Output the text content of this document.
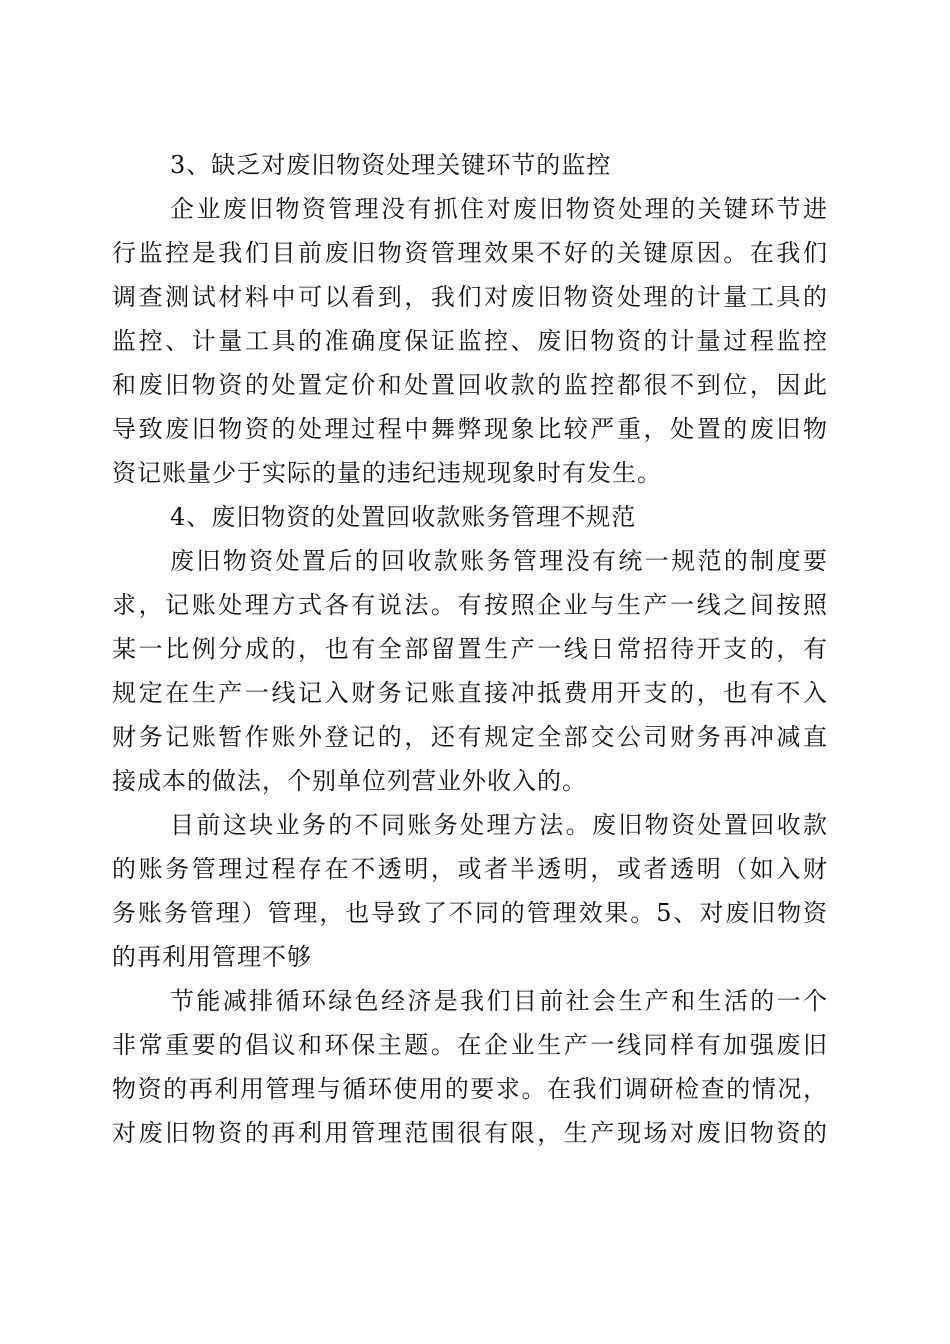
3、缺乏对废旧物资处理关键环节的监控
企业废旧物资管理没有抓住对废旧物资处理的关键环节进
行监控是我们目前废旧物资管理效果不好的关键原因。在我们
调查测试材料中可以看到，我们对废旧物资处理的计量工具的
监控、计量工具的准确度保证监控、废旧物资的计量过程监控
和废旧物资的处置定价和处置回收款的监控都很不到位，因此
导致废旧物资的处理过程中舞弊现象比较严重，处置的废旧物
资记账量少于实际的量的违纪违规现象时有发生。
4、废旧物资的处置回收款账务管理不规范
废旧物资处置后的回收款账务管理没有统一规范的制度要
求，记账处理方式各有说法。有按照企业与生产一线之间按照
某一比例分成的，也有全部留置生产一线日常招待开支的，有
规定在生产一线记入财务记账直接冲抵费用开支的，也有不入
财务记账暂作账外登记的，还有规定全部交公司财务再冲减直
接成本的做法，个别单位列营业外收入的。
目前这块业务的不同账务处理方法。废旧物资处置回收款
的账务管理过程存在不透明，或者半透明，或者透明（如入财
务账务管理）管理，也导致了不同的管理效果。5、对废旧物资
的再利用管理不够
节能减排循环绿色经济是我们目前社会生产和生活的一个
非常重要的倡议和环保主题。在企业生产一线同样有加强废旧
物资的再利用管理与循环使用的要求。在我们调研检查的情况，
对废旧物资的再利用管理范围很有限，生产现场对废旧物资的
